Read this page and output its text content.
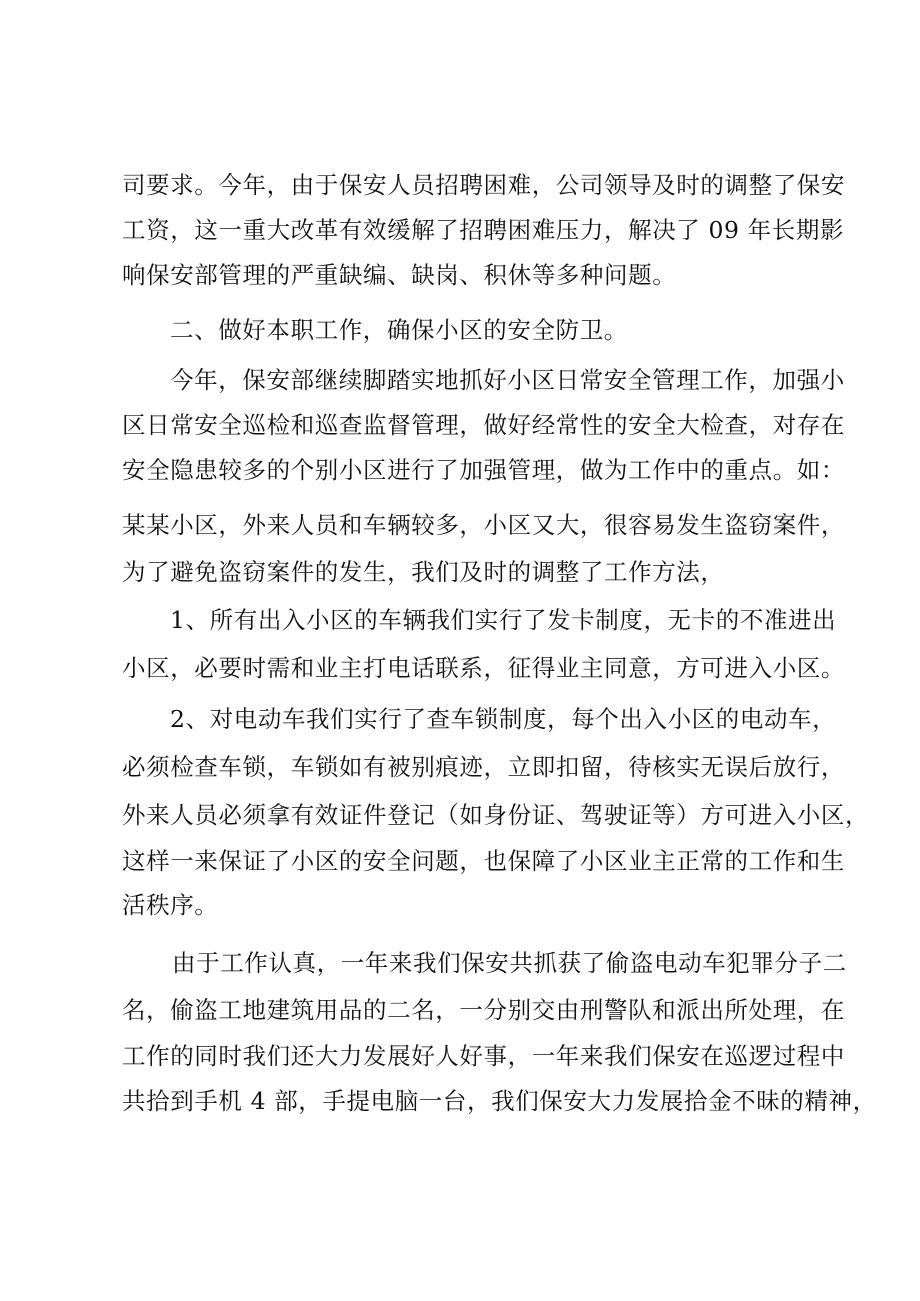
司要求。今年，由于保安人员招聘困难，公司领导及时的调整了保安
工资，这一重大改革有效缓解了招聘困难压力，解决了 09 年长期影
响保安部管理的严重缺编、缺岗、积休等多种问题。
二、做好本职工作，确保小区的安全防卫。
今年，保安部继续脚踏实地抓好小区日常安全管理工作，加强小
区日常安全巡检和巡查监督管理，做好经常性的安全大检查，对存在
安全隐患较多的个别小区进行了加强管理，做为工作中的重点。如：
某某小区，外来人员和车辆较多，小区又大，很容易发生盗窃案件，
为了避免盗窃案件的发生，我们及时的调整了工作方法，
1、所有出入小区的车辆我们实行了发卡制度，无卡的不准进出
小区，必要时需和业主打电话联系，征得业主同意，方可进入小区。
2、对电动车我们实行了查车锁制度，每个出入小区的电动车，
必须检查车锁，车锁如有被别痕迹，立即扣留，待核实无误后放行，
外来人员必须拿有效证件登记（如身份证、驾驶证等）方可进入小区，
这样一来保证了小区的安全问题，也保障了小区业主正常的工作和生
活秩序。
由于工作认真，一年来我们保安共抓获了偷盗电动车犯罪分子二
名，偷盗工地建筑用品的二名，一分别交由刑警队和派出所处理，在
工作的同时我们还大力发展好人好事，一年来我们保安在巡逻过程中
共拾到手机 4 部，手提电脑一台，我们保安大力发展拾金不昧的精神，
